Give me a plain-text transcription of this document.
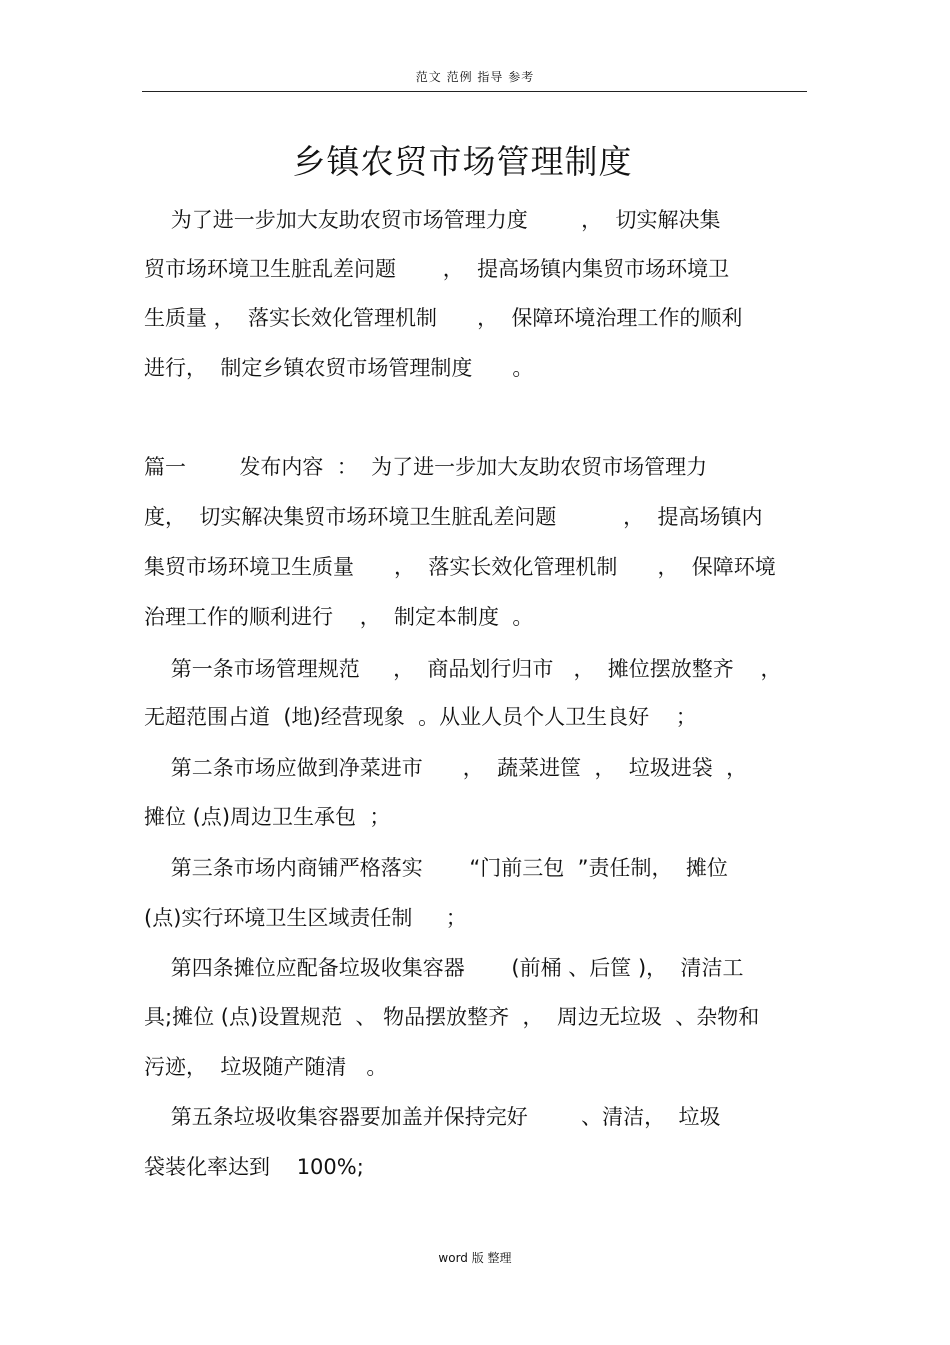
范文 范例 指导 参考
乡镇农贸市场管理制度
为了进一步加大友助农贸市场管理力度        ，  切实解决集
贸市场环境卫生脏乱差问题       ，  提高场镇内集贸市场环境卫
生质量 ，  落实长效化管理机制      ，  保障环境治理工作的顺利
进行，  制定乡镇农贸市场管理制度      。
篇一        发布内容  ：  为了进一步加大友助农贸市场管理力
度，  切实解决集贸市场环境卫生脏乱差问题          ，  提高场镇内
集贸市场环境卫生质量      ，  落实长效化管理机制      ，  保障环境
治理工作的顺利进行    ，  制定本制度  。
第一条市场管理规范     ，  商品划行归市   ，  摊位摆放整齐    ，
无超范围占道  (地)经营现象  。从业人员个人卫生良好    ；
第二条市场应做到净菜进市      ，  蔬菜进筐  ，  垃圾进袋  ，
摊位 (点)周边卫生承包  ；
第三条市场内商铺严格落实       “门前三包  ”责任制，  摊位
(点)实行环境卫生区域责任制     ；
第四条摊位应配备垃圾收集容器       (前桶 、后筐 )，  清洁工
具;摊位 (点)设置规范  、 物品摆放整齐  ，  周边无垃圾  、杂物和
污迹，  垃圾随产随清   。
第五条垃圾收集容器要加盖并保持完好        、清洁，  垃圾
袋装化率达到    100%;
word 版 整理
